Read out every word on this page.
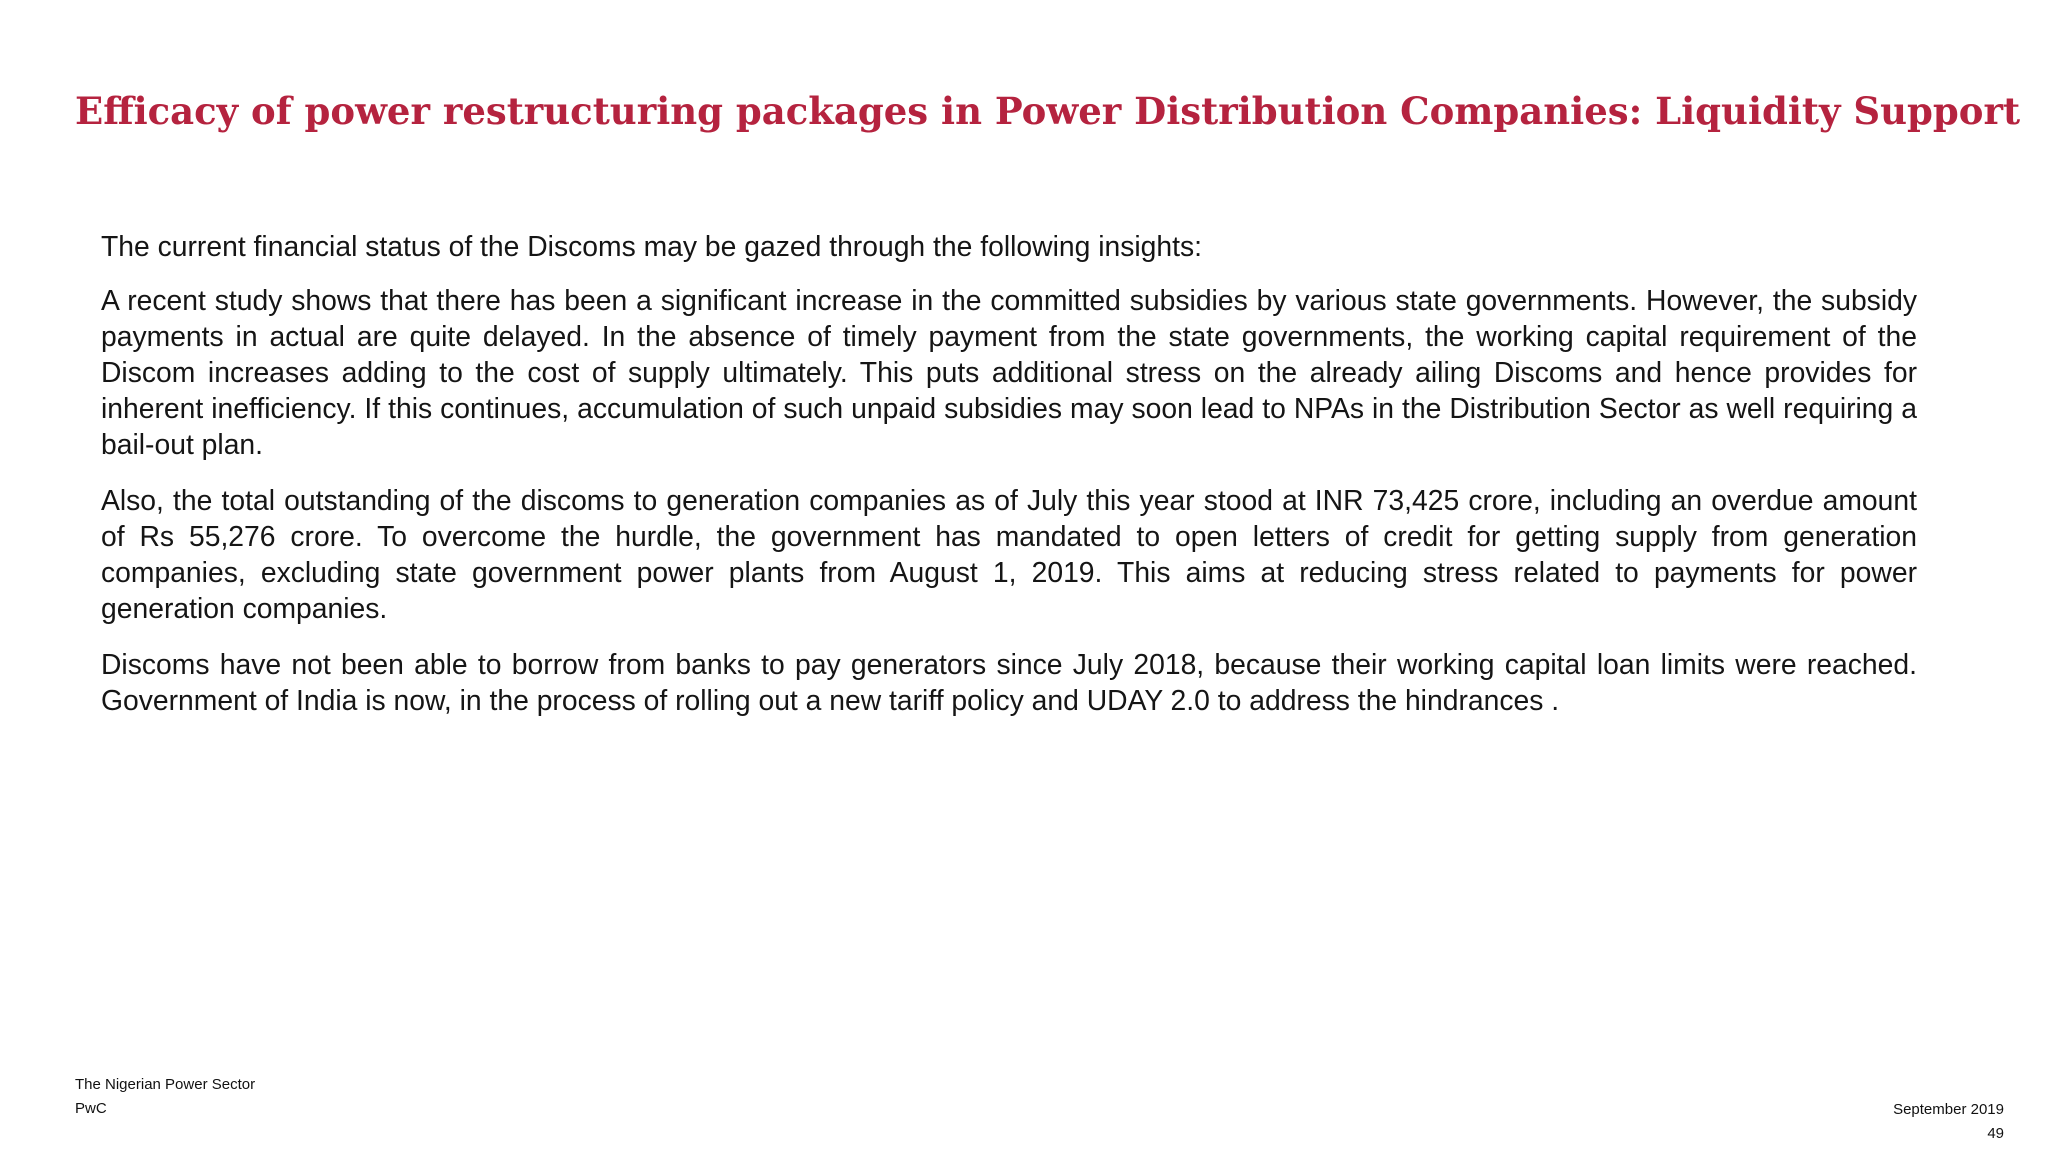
Efficacy of power restructuring packages in Power Distribution Companies: Liquidity Support

The current financial status of the Discoms may be gazed through the following insights:

A recent study shows that there has been a significant increase in the committed subsidies by various state governments. However, the subsidy payments in actual are quite delayed. In the absence of timely payment from the state governments, the working capital requirement of the Discom increases adding to the cost of supply ultimately. This puts additional stress on the already ailing Discoms and hence provides for inherent inefficiency. If this continues, accumulation of such unpaid subsidies may soon lead to NPAs in the Distribution Sector as well requiring a bail-out plan.

Also, the total outstanding of the discoms to generation companies as of July this year stood at INR 73,425 crore, including an overdue amount of Rs 55,276 crore. To overcome the hurdle, the government has mandated to open letters of credit for getting supply from generation companies, excluding state government power plants from August 1, 2019. This aims at reducing stress related to payments for power generation companies.

Discoms have not been able to borrow from banks to pay generators since July 2018, because their working capital loan limits were reached. Government of India is now, in the process of rolling out a new tariff policy and UDAY 2.0 to address the hindrances .

The Nigerian Power Sector
PwC	September 2019
49
